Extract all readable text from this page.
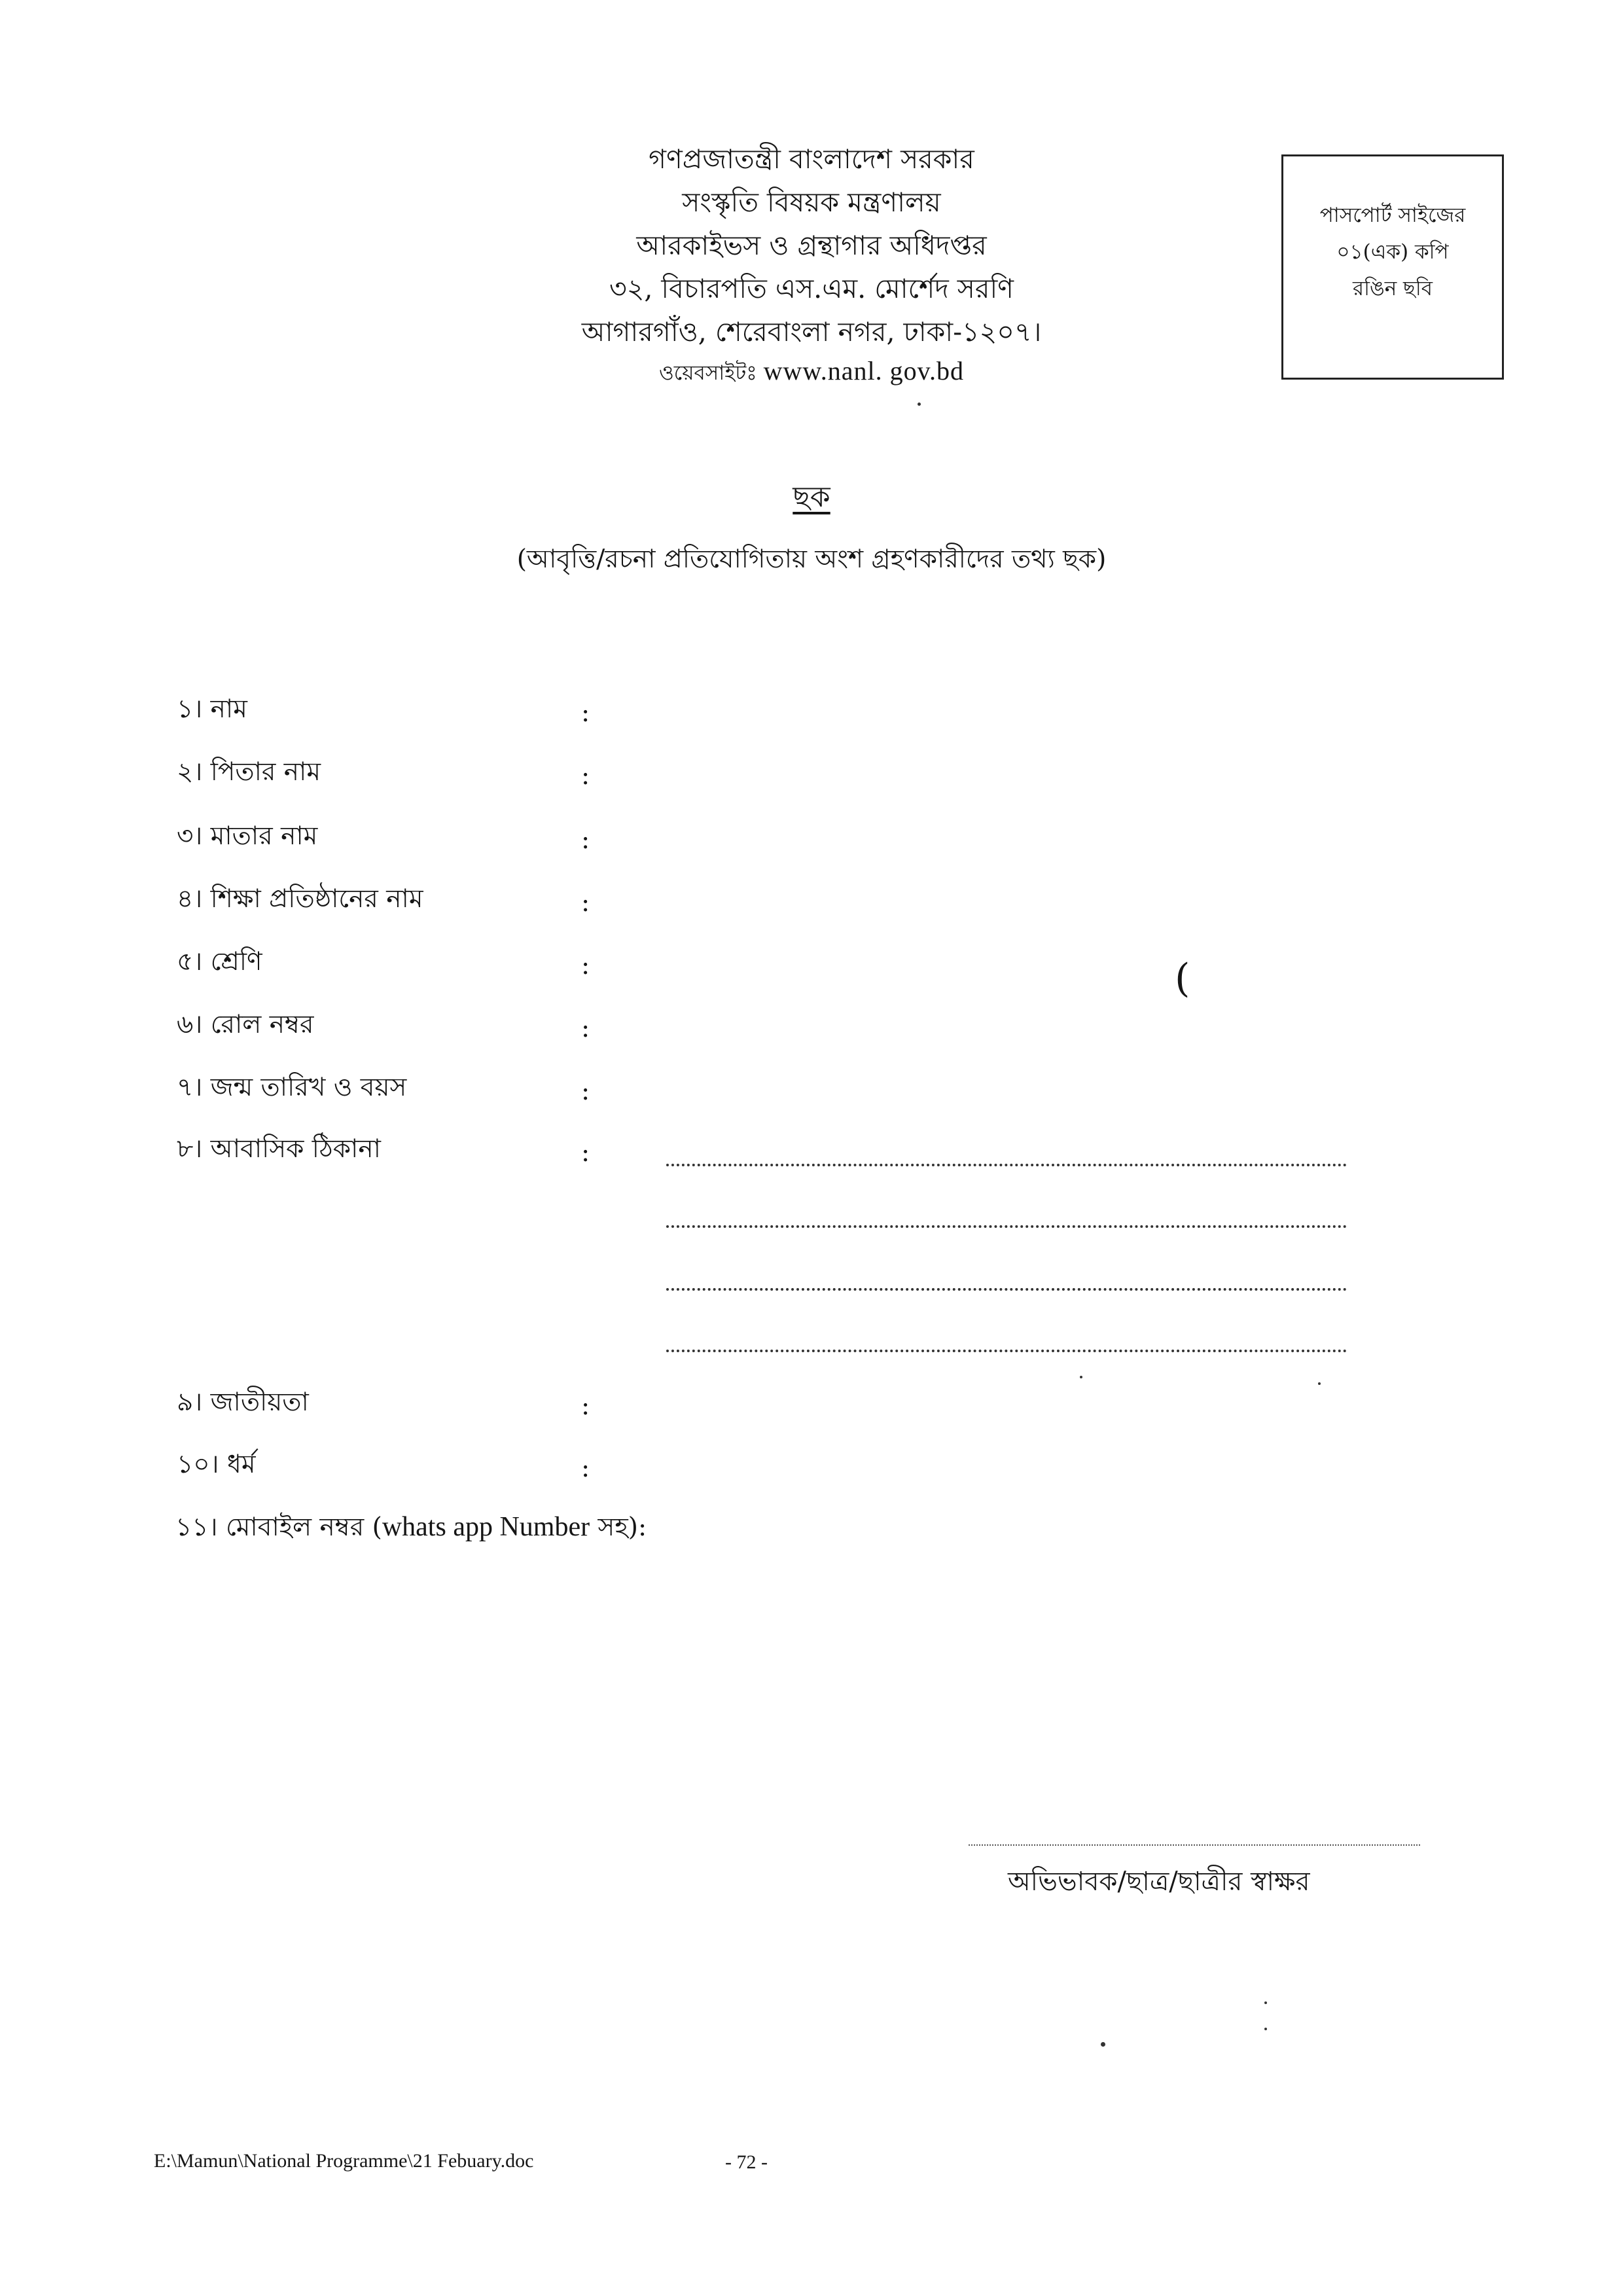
গণপ্রজাতন্ত্রী বাংলাদেশ সরকার
সংস্কৃতি বিষয়ক মন্ত্রণালয়
আরকাইভস ও গ্রন্থাগার অধিদপ্তর
৩২, বিচারপতি এস.এম. মোর্শেদ সরণি
আগারগাঁও, শেরেবাংলা নগর, ঢাকা-১২০৭।
ওয়েবসাইটঃ www.nanl. gov.bd
পাসপোর্ট সাইজের
০১(এক) কপি
রঙিন ছবি
ছক
(আবৃত্তি/রচনা প্রতিযোগিতায় অংশ গ্রহণকারীদের তথ্য ছক)
১। নাম	:
২। পিতার নাম	:
৩। মাতার নাম	:
৪। শিক্ষা প্রতিষ্ঠানের নাম	:
৫। শ্রেণি	:
৬। রোল নম্বর	:
৭। জন্ম তারিখ ও বয়স	:
৮। আবাসিক ঠিকানা	:
৯। জাতীয়তা	:
১০। ধর্ম	:
১১। মোবাইল নম্বর (whats app Number সহ):
(
অভিভাবক/ছাত্র/ছাত্রীর স্বাক্ষর
E:\Mamun\National Programme\21 Febuary.doc	- 72 -
